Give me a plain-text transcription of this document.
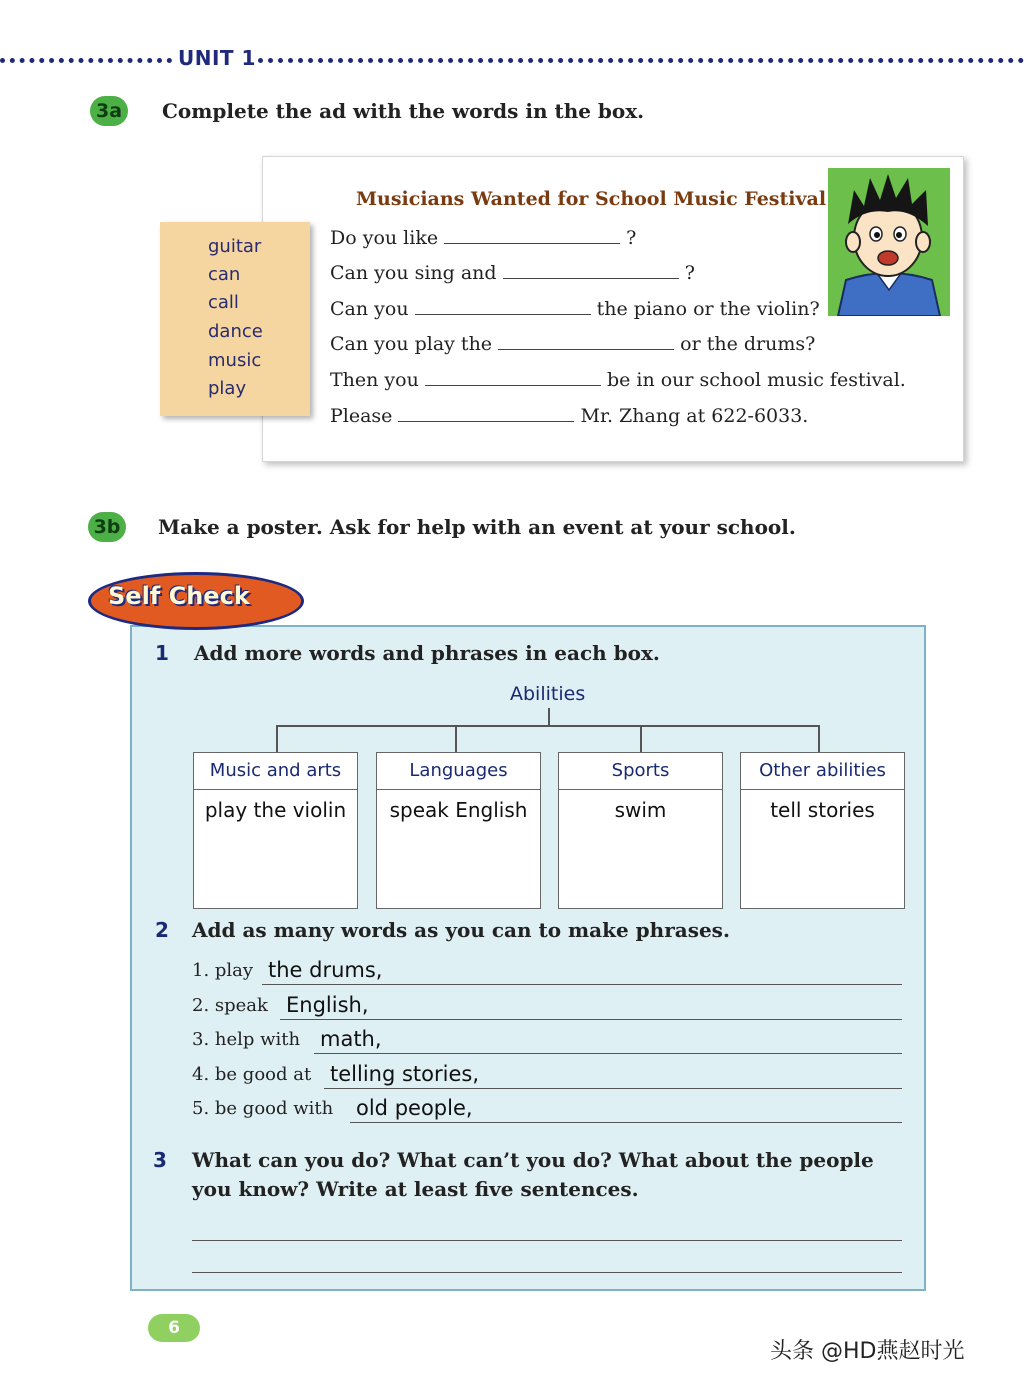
UNIT 1
3a Complete the ad with the words in the box.
guitar
can
call
dance
music
play
Musicians Wanted for School Music Festival
Do you like	?
Can you sing and	?
Can you	the piano or the violin?
Can you play the	or the drums?
Then you	be in our school music festival.
Please	Mr. Zhang at 622-6033.
3b Make a poster. Ask for help with an event at your school.
Self Check
1 Add more words and phrases in each box.
Abilities
Music and arts
play the violin
Languages
speak English
Sports
swim
Other abilities
tell stories
2 Add as many words as you can to make phrases.
1. play the drums,
2. speak English,
3. help with math,
4. be good at telling stories,
5. be good with old people,
3 What can you do? What can’t you do? What about the people
you know? Write at least five sentences.
6
头条 @HD燕赵时光
